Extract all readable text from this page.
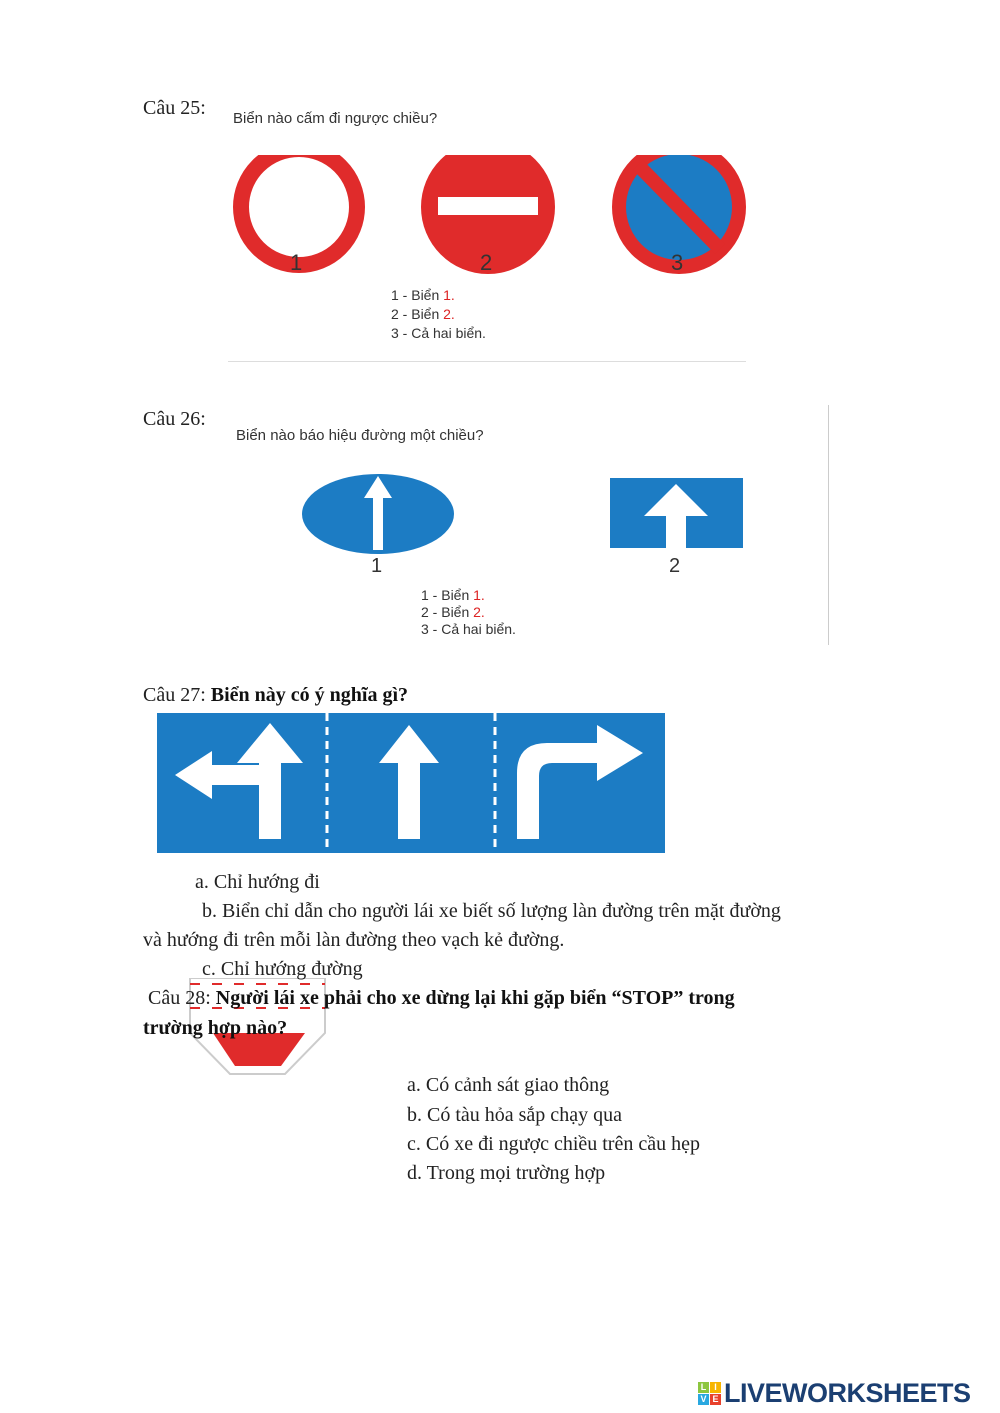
Câu 25: Biển nào cấm đi ngược chiều?
1	2	3
1 - Biển 1.
2 - Biển 2.
3 - Cả hai biển.
Câu 26:
Biển nào báo hiệu đường một chiều?
1	2
1 - Biển 1.
2 - Biển 2.
3 - Cả hai biển.
Câu 27: Biển này có ý nghĩa gì?
a. Chỉ hướng đi
b. Biển chỉ dẫn cho người lái xe biết số lượng làn đường trên mặt đường
và hướng đi trên mỗi làn đường theo vạch kẻ đường.
c. Chỉ hướng đường
Câu 28: Người lái xe phải cho xe dừng lại khi gặp biển “STOP” trong
trường hợp nào?
a. Có cảnh sát giao thông
b. Có tàu hỏa sắp chạy qua
c. Có xe đi ngược chiều trên cầu hẹp
d. Trong mọi trường hợp
L I
V E LIVEWORKSHEETS
